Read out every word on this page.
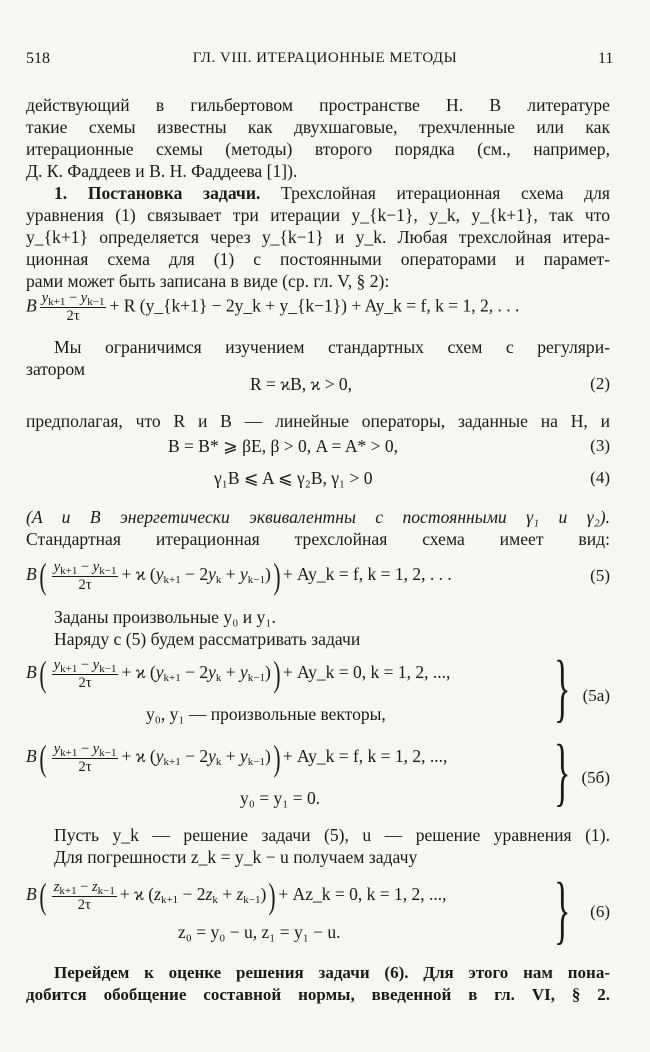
518	ГЛ. VIII. ИТЕРАЦИОННЫЕ МЕТОДЫ	11
действующий в гильбертовом пространстве H. В литературе
такие схемы известны как двухшаговые, трехчленные или как
итерационные схемы (методы) второго порядка (см., например,
Д. К. Фаддеев и В. Н. Фаддеева [1]).
1. Постановка задачи. Трехслойная итерационная схема для
уравнения (1) связывает три итерации y_{k−1}, y_k, y_{k+1}, так что
y_{k+1} определяется через y_{k−1} и y_k. Любая трехслойная итера-
ционная схема для (1) с постоянными операторами и парамет-
рами может быть записана в виде (ср. гл. V, § 2):
B $\frac{y_{k+1} - y_{k-1}}{2\tau} + R$ (y_{k+1} − 2y_k + y_{k−1}) + Ay_k = f, k = 1, 2, . . .
Мы ограничимся изучением стандартных схем с регуляри-
затором
R = ϰB, ϰ > 0,	(2)
предполагая, что R и B — линейные операторы, заданные на H, и
B = B* ⩾ βE, β > 0, A = A* > 0,	(3)
γ₁B ⩽ A ⩽ γ₂B, γ₁ > 0	(4)
(A и B энергетически эквивалентны с постоянными γ₁ и γ₂).
Стандартная итерационная трехслойная схема имеет вид:
$B( \frac{y_{k+1} - y_{k-1}}{2\tau} + ϰ$ $(y_{k+1} - 2y_k + y_{k-1})$) + Ay_k = f, k = 1, 2, . . .	(5)
Заданы произвольные y₀ и y₁.
Наряду с (5) будем рассматривать задачи
$B( \frac{y_{k+1} - y_{k-1}}{2\tau} + ϰ$ $(y_{k+1} - 2y_k + y_{k-1})$) + Ay_k = 0, k = 1, 2, ...,
y₀, y₁ — произвольные векторы, } (5а)
$B( \frac{y_{k+1} - y_{k-1}}{2\tau} + ϰ$ $(y_{k+1} - 2y_k + y_{k-1})$) + Ay_k = f, k = 1, 2, ...,
y₀ = y₁ = 0.	} (5б)
Пусть y_k — решение задачи (5), u — решение уравнения (1).
Для погрешности z_k = y_k − u получаем задачу
$B( \frac{z_{k+1} - z_{k-1}}{2\tau} + ϰ$ $(z_{k+1} - 2z_k + z_{k-1})$) + Az_k = 0, k = 1, 2, ...,
z₀ = y₀ − u, z₁ = y₁ − u.	}	(6)
Перейдем к оценке решения задачи (6). Для этого нам пона-
добится обобщение составной нормы, введенной в гл. VI, § 2.
